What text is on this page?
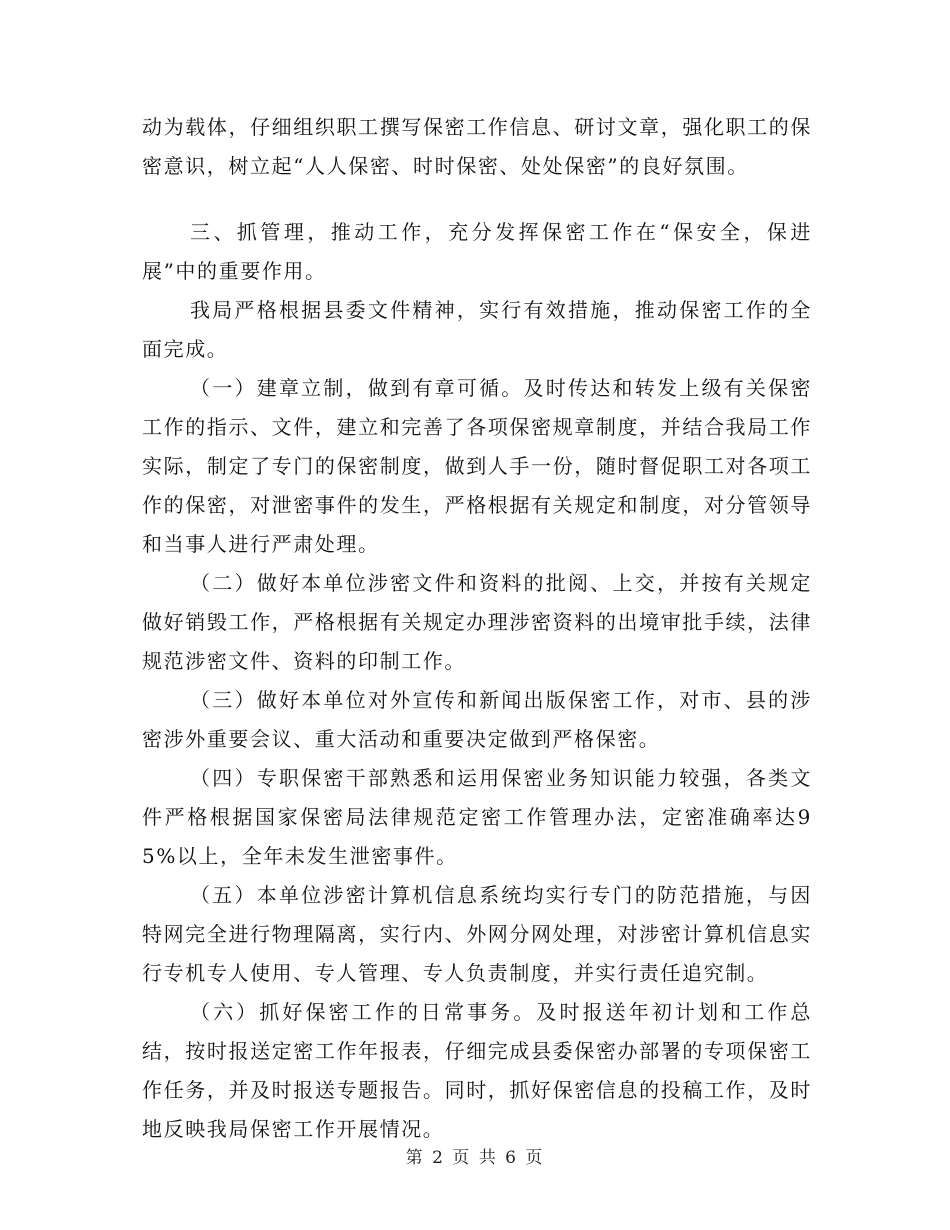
动为载体，仔细组织职工撰写保密工作信息、研讨文章，强化职工的保密意识，树立起“人人保密、时时保密、处处保密”的良好氛围。

三、抓管理，推动工作，充分发挥保密工作在“保安全，保进展”中的重要作用。

我局严格根据县委文件精神，实行有效措施，推动保密工作的全面完成。

（一）建章立制，做到有章可循。及时传达和转发上级有关保密工作的指示、文件，建立和完善了各项保密规章制度，并结合我局工作实际，制定了专门的保密制度，做到人手一份，随时督促职工对各项工作的保密，对泄密事件的发生，严格根据有关规定和制度，对分管领导和当事人进行严肃处理。

（二）做好本单位涉密文件和资料的批阅、上交，并按有关规定做好销毁工作，严格根据有关规定办理涉密资料的出境审批手续，法律规范涉密文件、资料的印制工作。

（三）做好本单位对外宣传和新闻出版保密工作，对市、县的涉密涉外重要会议、重大活动和重要决定做到严格保密。

（四）专职保密干部熟悉和运用保密业务知识能力较强，各类文件严格根据国家保密局法律规范定密工作管理办法，定密准确率达95%以上，全年未发生泄密事件。

（五）本单位涉密计算机信息系统均实行专门的防范措施，与因特网完全进行物理隔离，实行内、外网分网处理，对涉密计算机信息实行专机专人使用、专人管理、专人负责制度，并实行责任追究制。

（六）抓好保密工作的日常事务。及时报送年初计划和工作总结，按时报送定密工作年报表，仔细完成县委保密办部署的专项保密工作任务，并及时报送专题报告。同时，抓好保密信息的投稿工作，及时地反映我局保密工作开展情况。

第 2 页 共 6 页
